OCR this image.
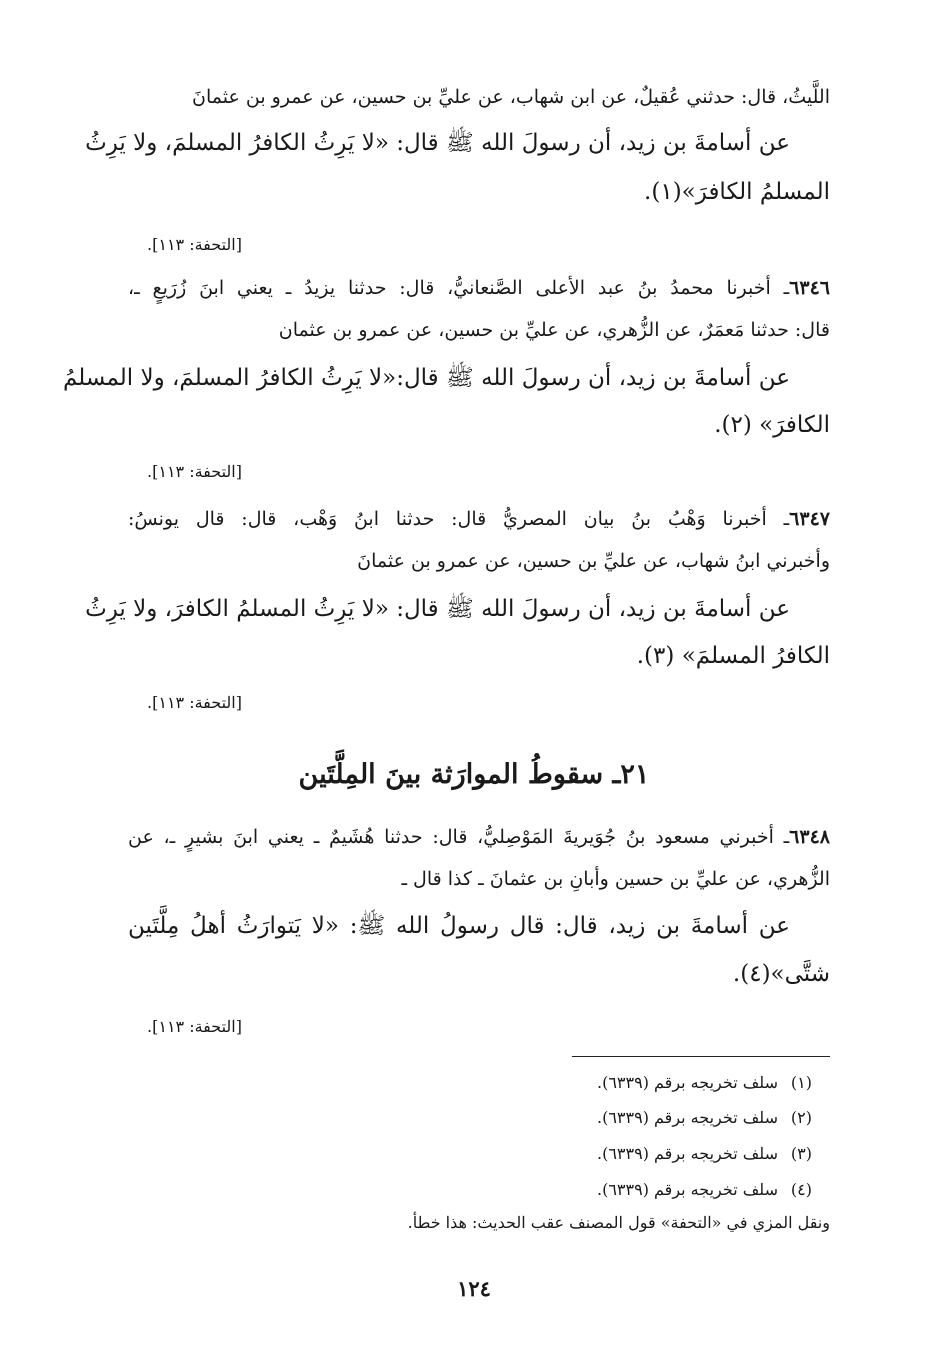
اللَّيثُ، قال: حدثني عُقيلٌ، عن ابن شهاب، عن عليِّ بن حسين، عن عمرو بن عثمانَ

عن أسامةَ بن زيد، أن رسولَ الله ﷺ قال: «لا يَرِثُ الكافرُ المسلمَ، ولا يَرِثُ

المسلمُ الكافرَ»(١).

[التحفة: ١١٣].

٦٣٤٦ـ أخبرنا محمدُ بنُ عبد الأعلى الصَّنعانيُّ، قال: حدثنا يزيدُ ـ يعني ابنَ زُرَيعٍ ـ،

قال: حدثنا مَعمَرٌ، عن الزُّهري، عن عليِّ بن حسين، عن عمرو بن عثمان

عن أسامةَ بن زيد، أن رسولَ الله ﷺ قال:«لا يَرِثُ الكافرُ المسلمَ، ولا المسلمُ

الكافرَ» (٢).

[التحفة: ١١٣].

٦٣٤٧ـ أخبرنا وَهْبُ بنُ بيان المصريُّ قال: حدثنا ابنُ وَهْب، قال: قال يونسُ:

وأخبرني ابنُ شهاب، عن عليِّ بن حسين، عن عمرو بن عثمانَ

عن أسامةَ بن زيد، أن رسولَ الله ﷺ قال: «لا يَرِثُ المسلمُ الكافرَ، ولا يَرِثُ

الكافرُ المسلمَ» (٣).

[التحفة: ١١٣].

٢١ـ سقوطُ الموارَثة بينَ المِلَّتَين

٦٣٤٨ـ أخبرني مسعود بنُ جُوَيريةَ المَوْصِليُّ، قال: حدثنا هُشَيمٌ ـ يعني ابنَ بشيرٍ ـ، عن

الزُّهري، عن عليِّ بن حسين وأبانِ بن عثمانَ ـ كذا قال ـ

عن أسامةَ بن زيد، قال: قال رسولُ الله ﷺ: «لا يَتوارَثُ أهلُ مِلَّتَين

شتَّى»(٤).

[التحفة: ١١٣].

(١)سلف تخريجه برقم (٦٣٣٩).
(٢)سلف تخريجه برقم (٦٣٣٩).
(٣)سلف تخريجه برقم (٦٣٣٩).
(٤)سلف تخريجه برقم (٦٣٣٩).
ونقل المزي في «التحفة» قول المصنف عقب الحديث: هذا خطأ.
١٢٤
